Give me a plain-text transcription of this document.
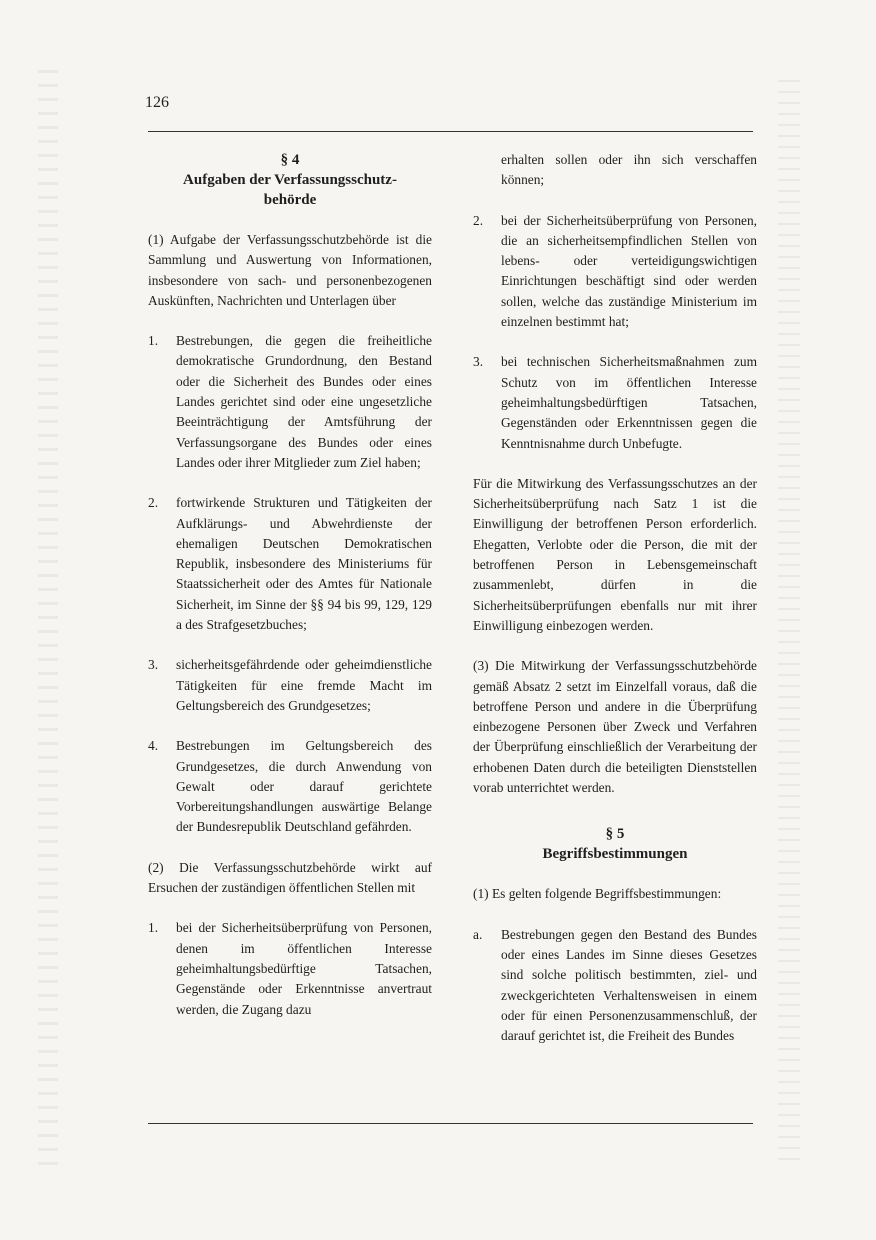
126
§ 4
Aufgaben der Verfassungsschutz-
behörde
(1) Aufgabe der Verfassungsschutzbehörde ist die Sammlung und Auswertung von Informationen, insbesondere von sach- und personenbezogenen Auskünften, Nachrichten und Unterlagen über
1.	Bestrebungen, die gegen die freiheitliche demokratische Grundordnung, den Bestand oder die Sicherheit des Bundes oder eines Landes gerichtet sind oder eine ungesetzliche Beeinträchtigung der Amtsführung der Verfassungsorgane des Bundes oder eines Landes oder ihrer Mitglieder zum Ziel haben;
2.	fortwirkende Strukturen und Tätigkeiten der Aufklärungs- und Abwehrdienste der ehemaligen Deutschen Demokratischen Republik, insbesondere des Ministeriums für Staatssicherheit oder des Amtes für Nationale Sicherheit, im Sinne der §§ 94 bis 99, 129, 129 a des Strafgesetzbuches;
3.	sicherheitsgefährdende oder geheimdienstliche Tätigkeiten für eine fremde Macht im Geltungsbereich des Grundgesetzes;
4.	Bestrebungen im Geltungsbereich des Grundgesetzes, die durch Anwendung von Gewalt oder darauf gerichtete Vorbereitungshandlungen auswärtige Belange der Bundesrepublik Deutschland gefährden.
(2) Die Verfassungsschutzbehörde wirkt auf Ersuchen der zuständigen öffentlichen Stellen mit
1.	bei der Sicherheitsüberprüfung von Personen, denen im öffentlichen Interesse geheimhaltungsbedürftige Tatsachen, Gegenstände oder Erkenntnisse anvertraut werden, die Zugang dazu
erhalten sollen oder ihn sich verschaffen können;
2.	bei der Sicherheitsüberprüfung von Personen, die an sicherheitsempfindlichen Stellen von lebens- oder verteidigungswichtigen Einrichtungen beschäftigt sind oder werden sollen, welche das zuständige Ministerium im einzelnen bestimmt hat;
3.	bei technischen Sicherheitsmaßnahmen zum Schutz von im öffentlichen Interesse geheimhaltungsbedürftigen Tatsachen, Gegenständen oder Erkenntnissen gegen die Kenntnisnahme durch Unbefugte.
Für die Mitwirkung des Verfassungsschutzes an der Sicherheitsüberprüfung nach Satz 1 ist die Einwilligung der betroffenen Person erforderlich. Ehegatten, Verlobte oder die Person, die mit der betroffenen Person in Lebensgemeinschaft zusammenlebt, dürfen in die Sicherheitsüberprüfungen ebenfalls nur mit ihrer Einwilligung einbezogen werden.
(3) Die Mitwirkung der Verfassungsschutzbehörde gemäß Absatz 2 setzt im Einzelfall voraus, daß die betroffene Person und andere in die Überprüfung einbezogene Personen über Zweck und Verfahren der Überprüfung einschließlich der Verarbeitung der erhobenen Daten durch die beteiligten Dienststellen vorab unterrichtet werden.
§ 5
Begriffsbestimmungen
(1) Es gelten folgende Begriffsbestimmungen:
a.	Bestrebungen gegen den Bestand des Bundes oder eines Landes im Sinne dieses Gesetzes sind solche politisch bestimmten, ziel- und zweckgerichteten Verhaltensweisen in einem oder für einen Personenzusammenschluß, der darauf gerichtet ist, die Freiheit des Bundes
